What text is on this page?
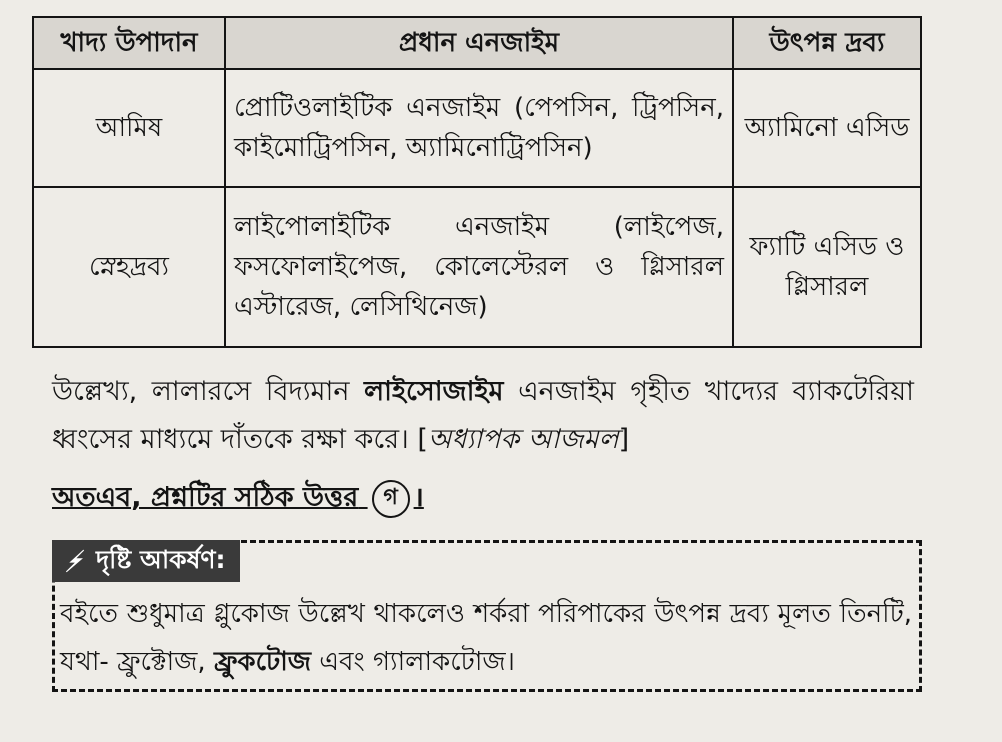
খাদ্য উপাদান	প্রধান এনজাইম	উৎপন্ন দ্রব্য
আমিষ	প্রোটিওলাইটিক এনজাইম (পেপসিন, ট্রিপসিন, কাইমোট্রিপসিন, অ্যামিনোট্রিপসিন)	অ্যামিনো এসিড
স্নেহদ্রব্য	লাইপোলাইটিক এনজাইম (লাইপেজ, ফসফোলাইপেজ, কোলেস্টেরল ও গ্লিসারল এস্টারেজ, লেসিথিনেজ)	ফ্যাটি এসিড ও গ্লিসারল
উল্লেখ্য, লালারসে বিদ্যমান লাইসোজাইম এনজাইম গৃহীত খাদ্যের ব্যাকটেরিয়া ধ্বংসের মাধ্যমে দাঁতকে রক্ষা করে। [অধ্যাপক আজমল]
অতএব, প্রশ্নটির সঠিক উত্তর গ ।
দৃষ্টি আকর্ষণ:
বইতে শুধুমাত্র গ্লুকোজ উল্লেখ থাকলেও শর্করা পরিপাকের উৎপন্ন দ্রব্য মূলত তিনটি, যথা- ফ্রুক্টোজ, ফ্রুকটোজ এবং গ্যালাকটোজ।
